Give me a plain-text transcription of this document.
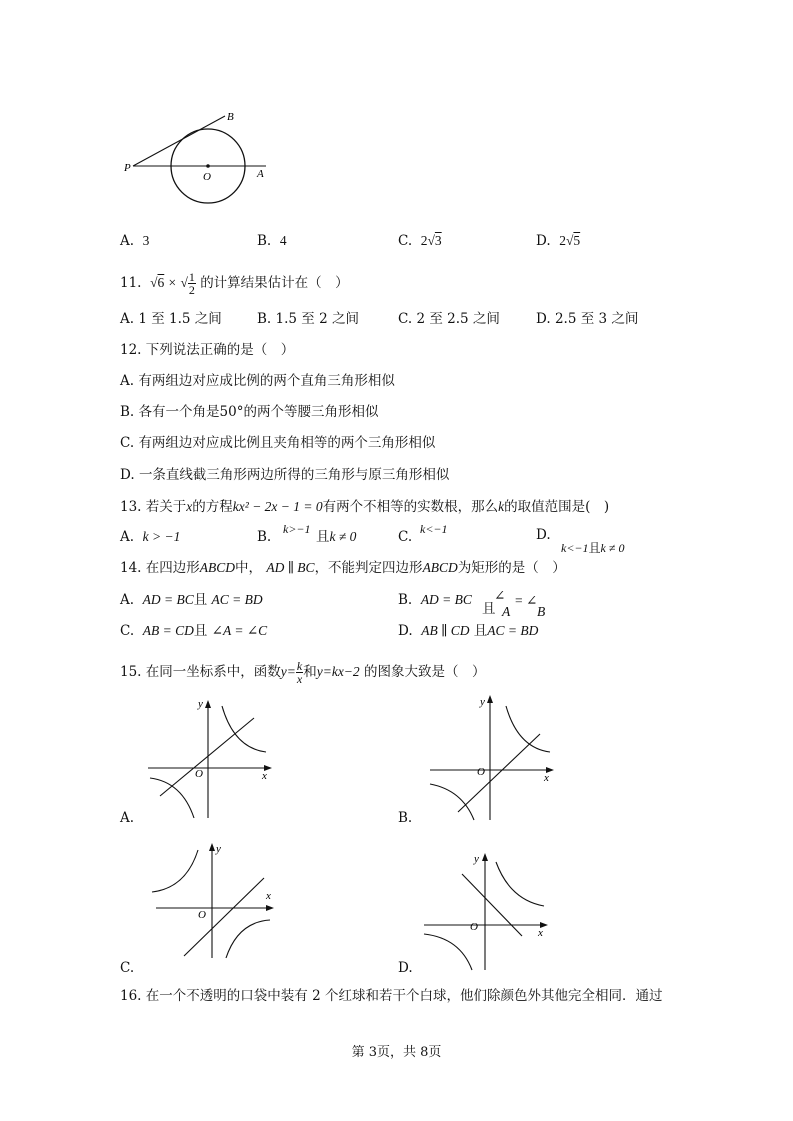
P
O	A
B
A. 3	B. 4	C. 2√3	D. 2√5
11. √6 × √ $\frac{1}{2}$ 的计算结果估计在（　）
A. 1 至 1.5 之间	B. 1.5 至 2 之间	C. 2 至 2.5 之间	D. 2.5 至 3 之间
12. 下列说法正确的是（　）
A. 有两组边对应成比例的两个直角三角形相似
B. 各有一个角是50°的两个等腰三角形相似
C. 有两组边对应成比例且夹角相等的两个三角形相似
D. 一条直线截三角形两边所得的三角形与原三角形相似
13. 若关于x的方程kx² − 2x − 1 = 0有两个不相等的实数根，那么k的取值范围是(　)
A. k > −1	B. k>−1 且k ≠ 0	C. k<−1	D.
k<−1且k ≠ 0
14. 在四边形ABCD中， AD ∥ BC，不能判定四边形ABCD为矩形的是（　）
A. AD = BC且 AC = BD	B. AD = BC
且
∠
A
= ∠
B
C. AB = CD且 ∠A = ∠C	D. AB ∥ CD 且AC = BD
15. 在同一坐标系中，函数$y= \frac{k}{x}$ 和y=kx−2 的图象大致是（　）
y
x
O
A.
y
x
O
B.
y
x
O
C.
y
x
O
D.
16. 在一个不透明的口袋中装有 2 个红球和若干个白球，他们除颜色外其他完全相同．通过
第 3页，共 8页
